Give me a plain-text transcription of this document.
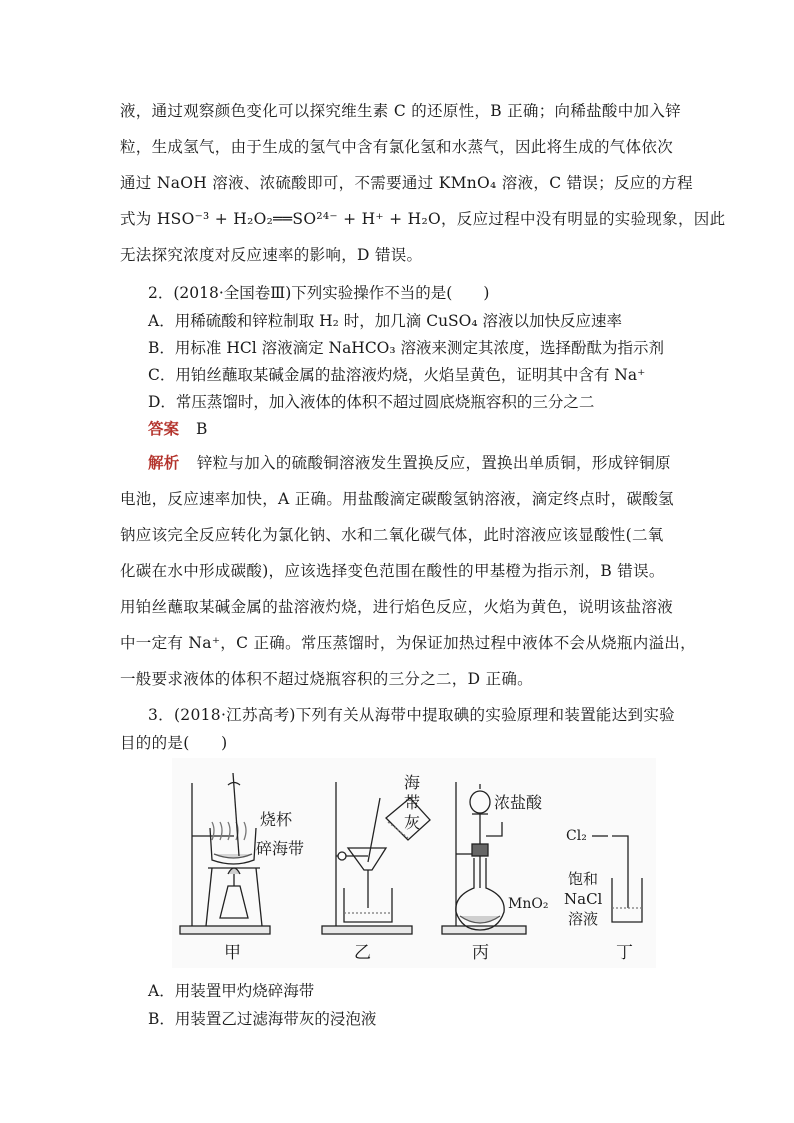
液，通过观察颜色变化可以探究维生素 C 的还原性，B 正确；向稀盐酸中加入锌
粒，生成氢气，由于生成的氢气中含有氯化氢和水蒸气，因此将生成的气体依次
通过 NaOH 溶液、浓硫酸即可，不需要通过 KMnO₄ 溶液，C 错误；反应的方程
式为 HSO⁻³ + H₂O₂══SO²⁴⁻ + H⁺ + H₂O，反应过程中没有明显的实验现象，因此
无法探究浓度对反应速率的影响，D 错误。
2．(2018·全国卷Ⅲ)下列实验操作不当的是(　　)
A．用稀硫酸和锌粒制取 H₂ 时，加几滴 CuSO₄ 溶液以加快反应速率
B．用标准 HCl 溶液滴定 NaHCO₃ 溶液来测定其浓度，选择酚酞为指示剂
C．用铂丝蘸取某碱金属的盐溶液灼烧，火焰呈黄色，证明其中含有 Na⁺
D．常压蒸馏时，加入液体的体积不超过圆底烧瓶容积的三分之二
答案 B
解析 锌粒与加入的硫酸铜溶液发生置换反应，置换出单质铜，形成锌铜原
电池，反应速率加快，A 正确。用盐酸滴定碳酸氢钠溶液，滴定终点时，碳酸氢
钠应该完全反应转化为氯化钠、水和二氧化碳气体，此时溶液应该显酸性(二氧
化碳在水中形成碳酸)，应该选择变色范围在酸性的甲基橙为指示剂，B 错误。
用铂丝蘸取某碱金属的盐溶液灼烧，进行焰色反应，火焰为黄色，说明该盐溶液
中一定有 Na⁺，C 正确。常压蒸馏时，为保证加热过程中液体不会从烧瓶内溢出，
一般要求液体的体积不超过烧瓶容积的三分之二，D 正确。
3．(2018·江苏高考)下列有关从海带中提取碘的实验原理和装置能达到实验
目的的是(　　)
烧杯
碎海带
甲
海
带
灰
乙
浓盐酸
MnO₂
丙
Cl₂
饱和
NaCl
溶液
丁
A．用装置甲灼烧碎海带
B．用装置乙过滤海带灰的浸泡液
